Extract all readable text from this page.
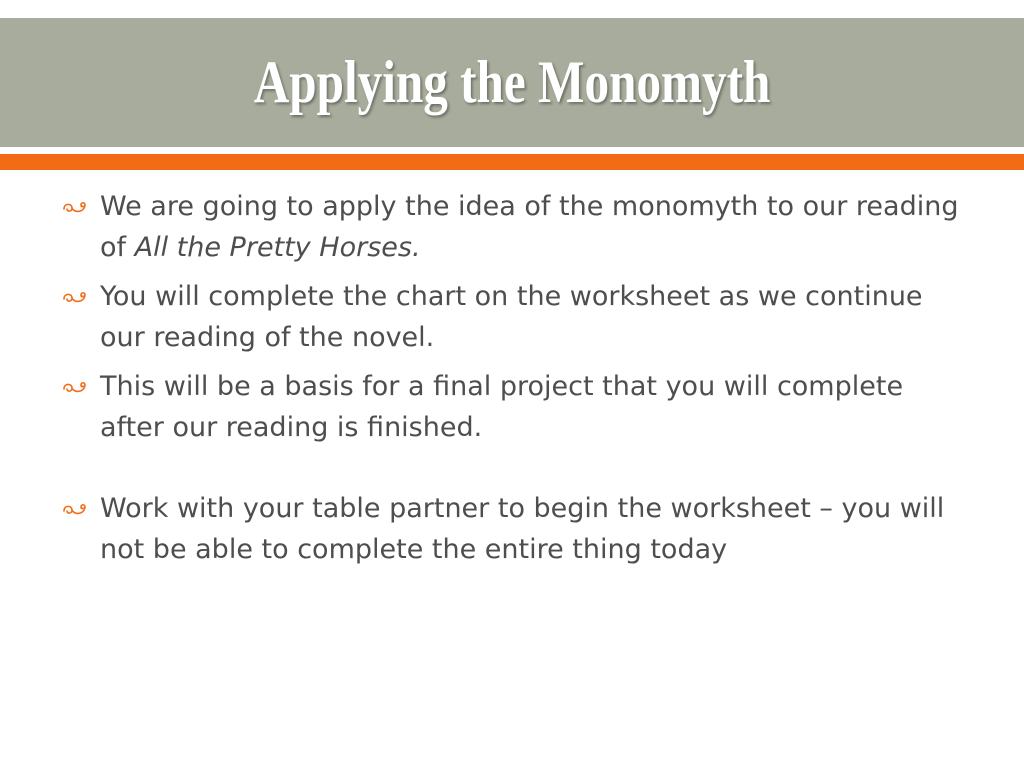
Applying the Monomyth
We are going to apply the idea of the monomyth to our reading of All the Pretty Horses.
You will complete the chart on the worksheet as we continue our reading of the novel.
This will be a basis for a final project that you will complete after our reading is finished.
Work with your table partner to begin the worksheet – you will not be able to complete the entire thing today
